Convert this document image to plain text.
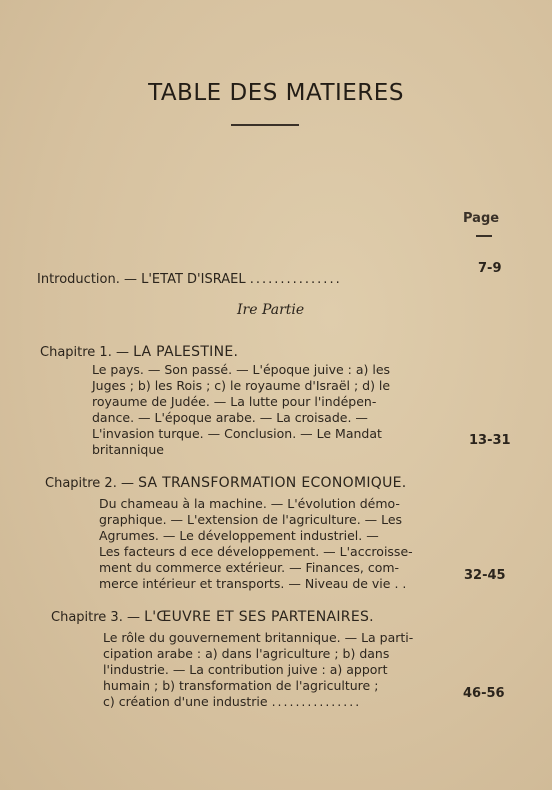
TABLE DES MATIERES
Page
Introduction. — L'ETAT D'ISRAEL ...............
7-9
Ire Partie
Chapitre 1. — LA PALESTINE.
Le pays. — Son passé. — L'époque juive : a) les
Juges ; b) les Rois ; c) le royaume d'Israël ; d) le
royaume de Judée. — La lutte pour l'indépen-
dance. — L'époque arabe. — La croisade. —
L'invasion turque. — Conclusion. — Le Mandat
britannique
13-31
Chapitre 2. — SA TRANSFORMATION ECONOMIQUE.
Du chameau à la machine. — L'évolution démo-
graphique. — L'extension de l'agriculture. — Les
Agrumes. — Le développement industriel. —
Les facteurs d ece développement. — L'accroisse-
ment du commerce extérieur. — Finances, com-
merce intérieur et transports. — Niveau de vie . .
32-45
Chapitre 3. — L'ŒUVRE ET SES PARTENAIRES.
Le rôle du gouvernement britannique. — La parti-
cipation arabe : a) dans l'agriculture ; b) dans
l'industrie. — La contribution juive : a) apport
humain ; b) transformation de l'agriculture ;
c) création d'une industrie ...............
46-56
